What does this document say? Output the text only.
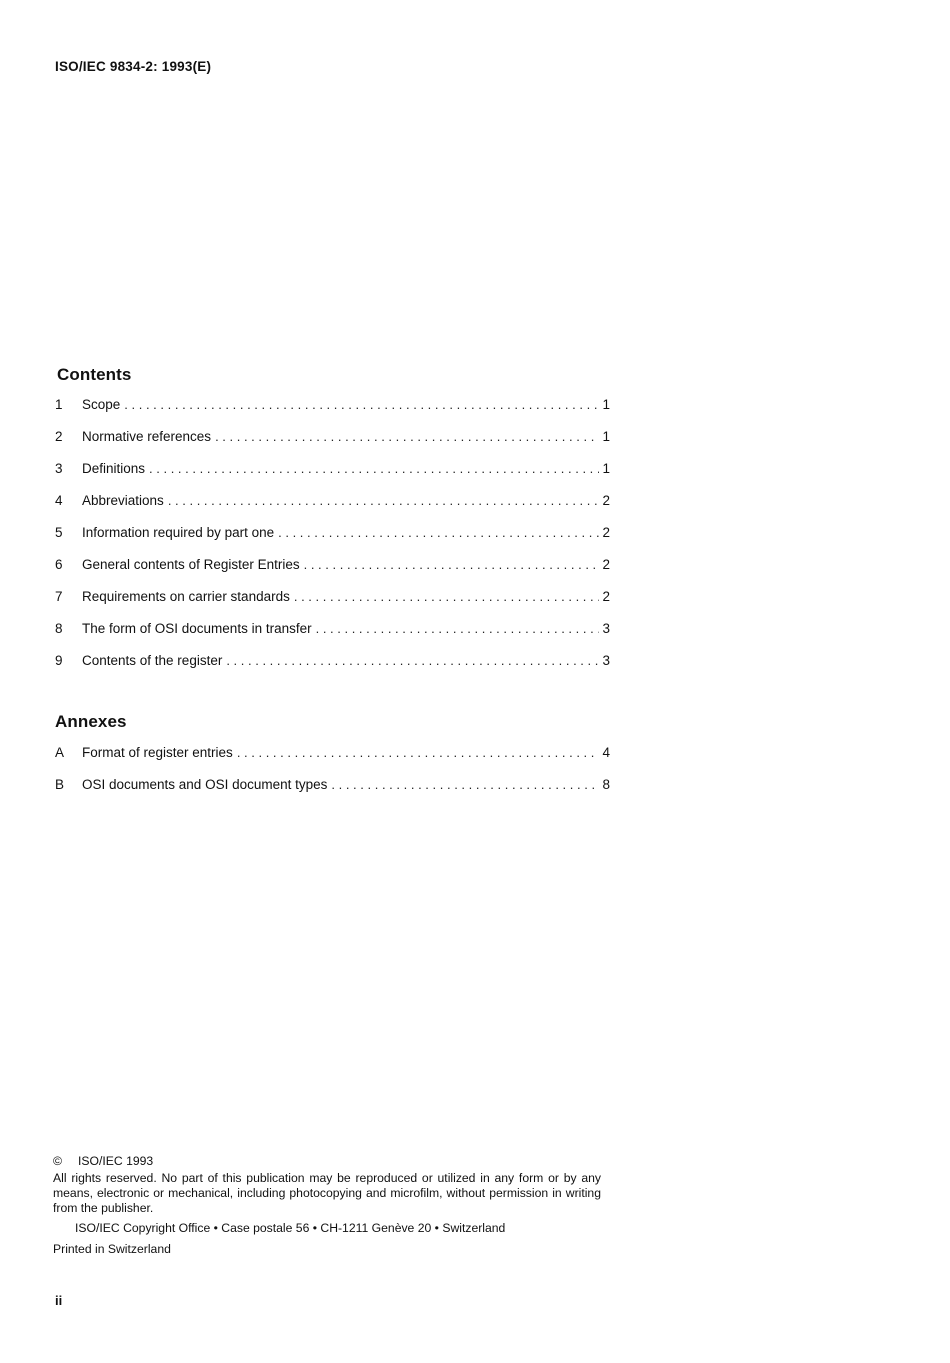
ISO/IEC 9834-2: 1993(E)
Contents
1	Scope . . .	1
2	Normative references . . .	1
3	Definitions . . .	1
4	Abbreviations . . .	2
5	Information required by part one . . .	2
6	General contents of Register Entries . . .	2
7	Requirements on carrier standards . . .	2
8	The form of OSI documents in transfer . . .	3
9	Contents of the register . . .	3
Annexes
A	Format of register entries . . .	4
B	OSI documents and OSI document types . . .	8

© ISO/IEC 1993

All rights reserved. No part of this publication may be reproduced or utilized in any form or by any means, electronic or mechanical, including photocopying and microfilm, without permission in writing from the publisher.

ISO/IEC Copyright Office • Case postale 56 • CH-1211 Genève 20 • Switzerland

Printed in Switzerland

ii
